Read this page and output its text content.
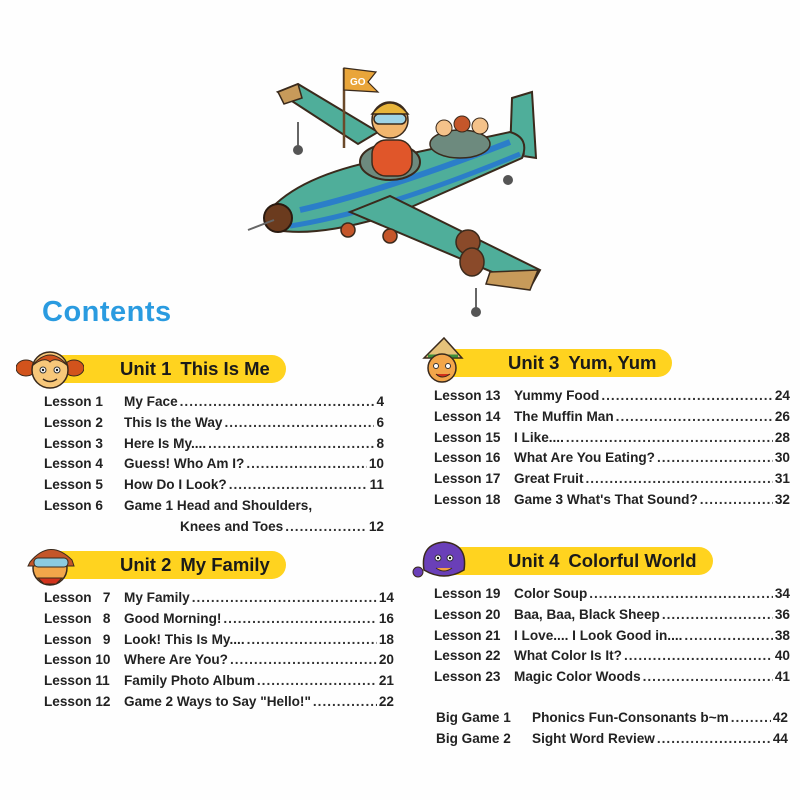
GO
Contents
Unit 1 This Is Me
Lesson 1	My Face .....	4
Lesson 2	This Is the Way .....	6
Lesson 3	Here Is My.... .....	8
Lesson 4	Guess! Who Am I? .....	10
Lesson 5	How Do I Look? .....	11
Lesson 6	Game 1 Head and Shoulders,
Knees and Toes .....	12
Unit 2 My Family
Lesson   7 My Family .....	14
Lesson   8 Good Morning! .....	16
Lesson   9 Look! This Is My.... .....	18
Lesson 10 Where Are You? .....	20
Lesson 11	Family Photo Album .....	21
Lesson 12 Game 2 Ways to Say "Hello!" .....	22
Unit 3 Yum, Yum
Lesson 13 Yummy Food .....	24
Lesson 14 The Muffin Man .....	26
Lesson 15 I Like.... .....	28
Lesson 16 What Are You Eating? .....	30
Lesson 17 Great Fruit .....	31
Lesson 18 Game 3 What's That Sound? .....	32
Unit 4 Colorful World
Lesson 19 Color Soup .....	34
Lesson 20 Baa, Baa, Black Sheep .....	36
Lesson 21 I Love.... I Look Good in.... .....	38
Lesson 22 What Color Is It? .....	40
Lesson 23 Magic Color Woods .....	41
Big Game 1	Phonics Fun-Consonants b~m .....	42
Big Game 2	Sight Word Review .....	44
